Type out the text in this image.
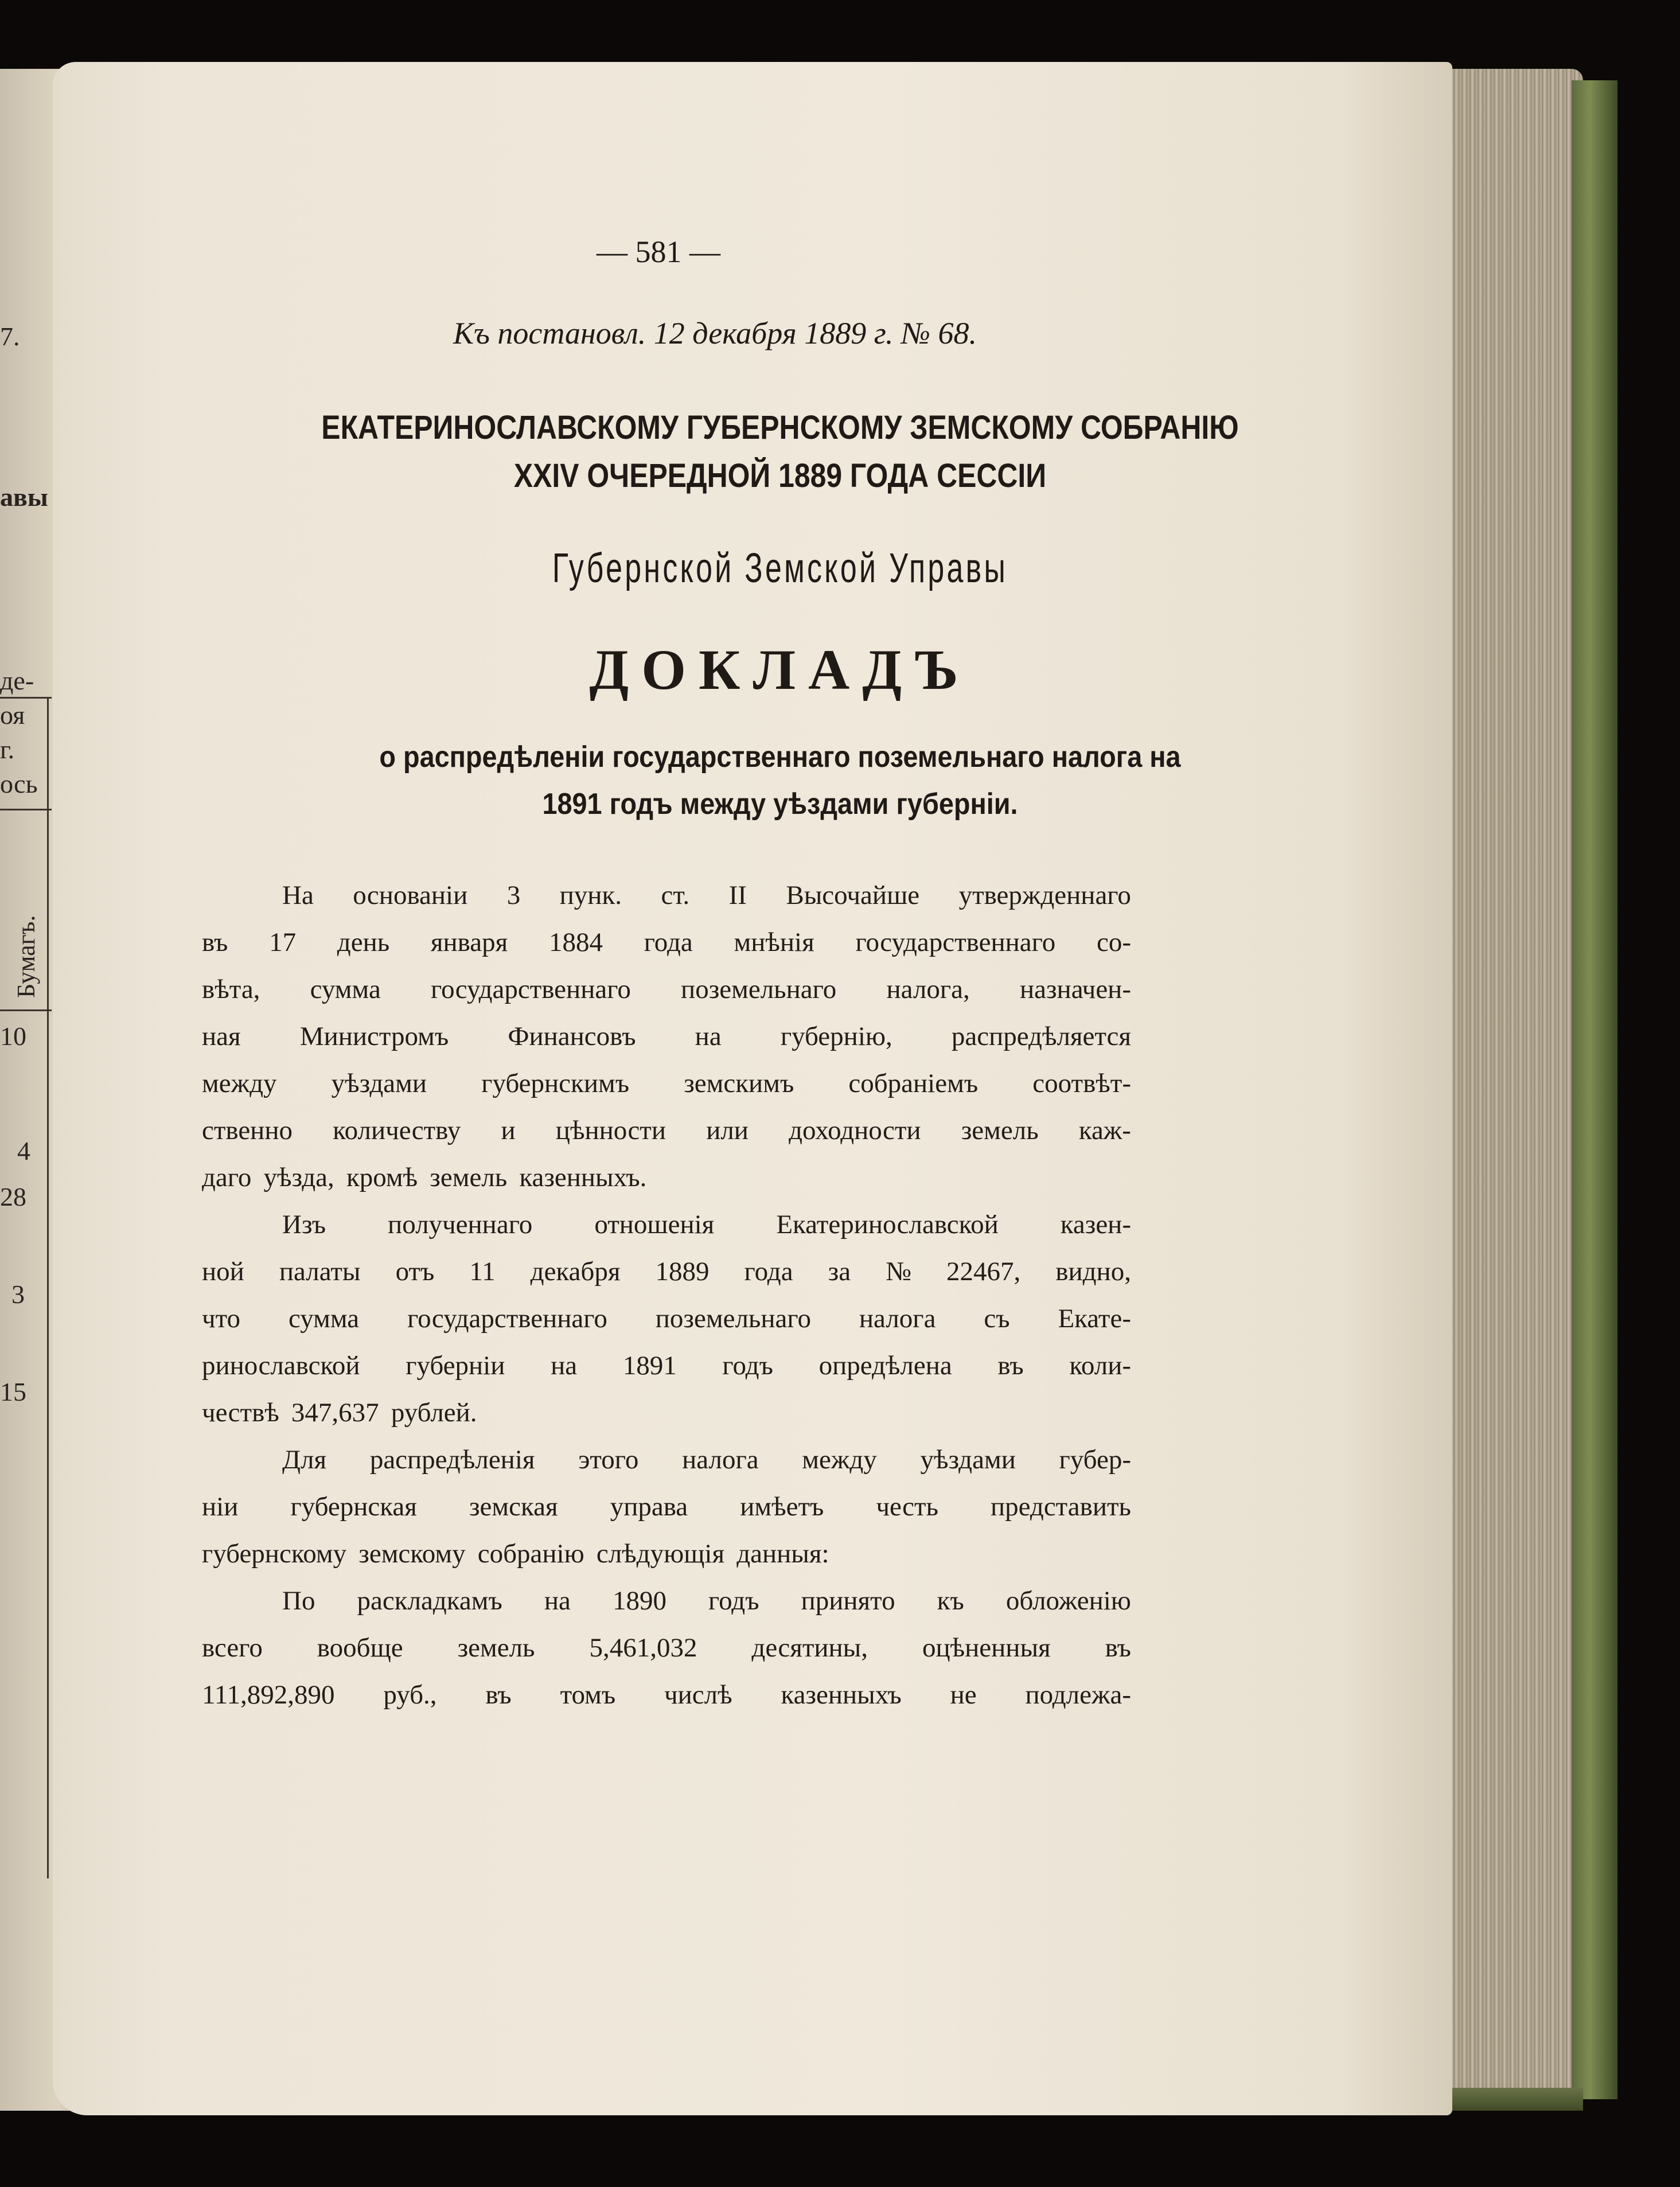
7.
авы
де-
оя
г.
ось
Бумагъ.
10
4
28
3
15
— 581 —
Къ постановл. 12 декабря 1889 г. № 68.
ЕКАТЕРИНОСЛАВСКОМУ ГУБЕРНСКОМУ ЗЕМСКОМУ СОБРАНІЮ
XXIV ОЧЕРЕДНОЙ 1889 ГОДА СЕССІИ
Губернской Земской Управы
ДОКЛАДЪ
о распредѣленіи государственнаго поземельнаго налога на
1891 годъ между уѣздами губерніи.
На основаніи 3 пунк. ст. II Высочайше утвержденнаго
въ 17 день января 1884 года мнѣнія государственнаго со-
вѣта, сумма государственнаго поземельнаго налога, назначен-
ная Министромъ Финансовъ на губернію, распредѣляется
между уѣздами губернскимъ земскимъ собраніемъ соотвѣт-
ственно количеству и цѣнности или доходности земель каж-
даго уѣзда, кромѣ земель казенныхъ.
Изъ полученнаго отношенія Екатеринославской казен-
ной палаты отъ 11 декабря 1889 года за № 22467, видно,
что сумма государственнаго поземельнаго налога съ Екате-
ринославской губерніи на 1891 годъ опредѣлена въ коли-
чествѣ 347,637 рублей.
Для распредѣленія этого налога между уѣздами губер-
ніи губернская земская управа имѣетъ честь представить
губернскому земскому собранію слѣдующія данныя:
По раскладкамъ на 1890 годъ принято къ обложенію
всего вообще земель 5,461,032 десятины, оцѣненныя въ
111,892,890 руб., въ томъ числѣ казенныхъ не подлежа-
